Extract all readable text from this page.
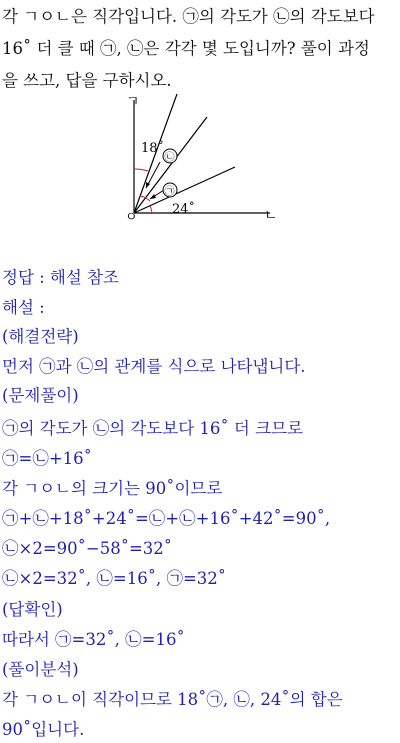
각 ㄱㅇㄴ은 직각입니다. ㉠의 각도가 ㉡의 각도보다
16˚ 더 클 때 ㉠, ㉡은 각각 몇 도입니까? 풀이 과정
을 쓰고, 답을 구하시오.
ㄱ
ㄴ
ㅇ
18˚
24˚
㉡
㉠
정답 : 해설 참조
해설 :
(해결전략)
먼저 ㉠과 ㉡의 관계를 식으로 나타냅니다.
(문제풀이)
㉠의 각도가 ㉡의 각도보다 16˚ 더 크므로
㉠=㉡+16˚
각 ㄱㅇㄴ의 크기는 90˚이므로
㉠+㉡+18˚+24˚=㉡+㉡+16˚+42˚=90˚,
㉡×2=90˚−58˚=32˚
㉡×2=32˚, ㉡=16˚, ㉠=32˚
(답확인)
따라서 ㉠=32˚, ㉡=16˚
(풀이분석)
각 ㄱㅇㄴ이 직각이므로 18˚㉠, ㉡, 24˚의 합은
90˚입니다.
